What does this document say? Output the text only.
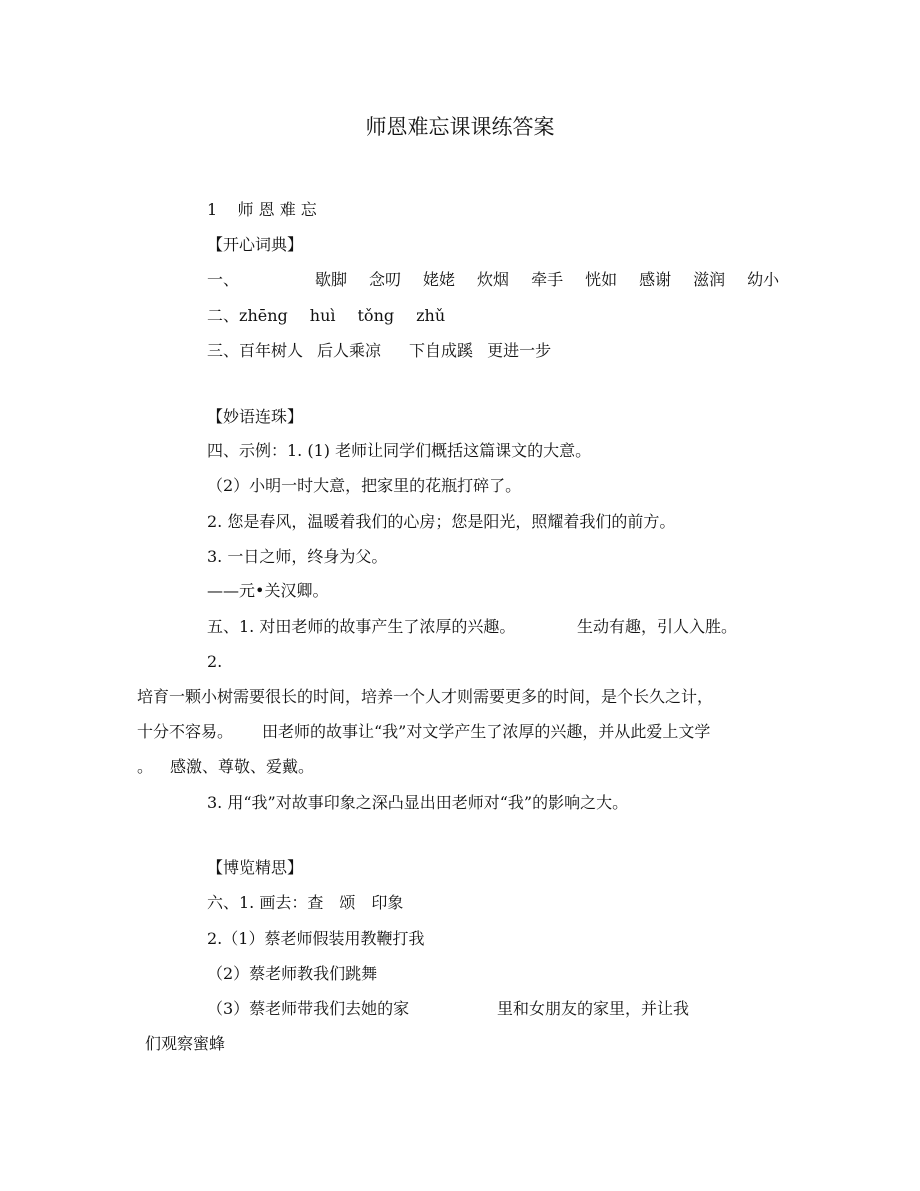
师恩难忘课课练答案
1 师 恩 难 忘
【开心词典】
一、	歇脚 念叨 姥姥 炊烟 牵手 恍如 感谢 滋润 幼小
二、zhēng huì tǒng zhǔ
三、百年树人 后人乘凉 下自成蹊 更进一步
【妙语连珠】
四、示例：1. (1) 老师让同学们概括这篇课文的大意。
（2）小明一时大意，把家里的花瓶打碎了。
2. 您是春风，温暖着我们的心房；您是阳光，照耀着我们的前方。
3. 一日之师，终身为父。
——元•关汉卿。
五、1. 对田老师的故事产生了浓厚的兴趣。	生动有趣，引人入胜。
2.
培育一颗小树需要很长的时间，培养一个人才则需要更多的时间，是个长久之计，
十分不容易。 田老师的故事让“我”对文学产生了浓厚的兴趣，并从此爱上文学
。 感激、尊敬、爱戴。
3. 用“我”对故事印象之深凸显出田老师对“我”的影响之大。
【博览精思】
六、1. 画去：查　颂　印象
2.（1）蔡老师假装用教鞭打我
（2）蔡老师教我们跳舞
（3）蔡老师带我们去她的家	里和女朋友的家里，并让我
们观察蜜蜂
